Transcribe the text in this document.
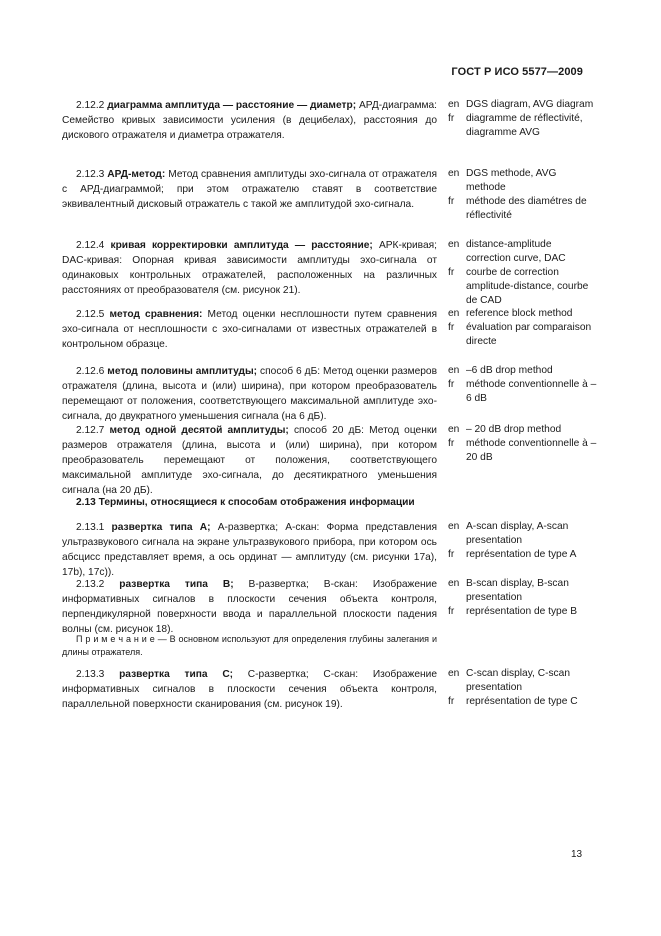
ГОСТ Р ИСО 5577—2009
2.12.2 диаграмма амплитуда — расстояние — диаметр; АРД-диаграмма: Семейство кривых зависимости усиления (в децибелах), расстояния до дискового отражателя и диаметра отражателя.
en DGS diagram, AVG diagram
fr diagramme de réflectivité, diagramme AVG
2.12.3 АРД-метод: Метод сравнения амплитуды эхо-сигнала от отражателя с АРД-диаграммой; при этом отражателю ставят в соответствие эквивалентный дисковый отражатель с такой же амплитудой эхо-сигнала.
en DGS methode, AVG methode
fr méthode des diamétres de réflectivité
2.12.4 кривая корректировки амплитуда — расстояние; АРК-кривая; DAC-кривая: Опорная кривая зависимости амплитуды эхо-сигнала от одинаковых контрольных отражателей, расположенных на различных расстояниях от преобразователя (см. рисунок 21).
en distance-amplitude correction curve, DAC
fr courbe de correction amplitude-distance, courbe de CAD
2.12.5 метод сравнения: Метод оценки несплошности путем сравнения эхо-сигнала от несплошности с эхо-сигналами от известных отражателей в контрольном образце.
en reference block method
fr évaluation par comparaison directe
2.12.6 метод половины амплитуды; способ 6 дБ: Метод оценки размеров отражателя (длина, высота и (или) ширина), при котором преобразователь перемещают от положения, соответствующего максимальной амплитуде эхо-сигнала, до двукратного уменьшения сигнала (на 6 дБ).
en –6 dB drop method
fr méthode conventionnelle à –6 dB
2.12.7 метод одной десятой амплитуды; способ 20 дБ: Метод оценки размеров отражателя (длина, высота и (или) ширина), при котором преобразователь перемещают от положения, соответствующего максимальной амплитуде эхо-сигнала, до десятикратного уменьшения сигнала (на 20 дБ).
en – 20 dB drop method
fr méthode conventionnelle à – 20 dB
2.13 Термины, относящиеся к способам отображения информации
2.13.1 развертка типа А; А-развертка; А-скан: Форма представления ультразвукового сигнала на экране ультразвукового прибора, при котором ось абсцисс представляет время, а ось ординат — амплитуду (см. рисунки 17a), 17b), 17c)).
en A-scan display, A-scan presentation
fr représentation de type A
2.13.2 развертка типа В; В-развертка; В-скан: Изображение информативных сигналов в плоскости сечения объекта контроля, перпендикулярной поверхности ввода и параллельной плоскости падения волны (см. рисунок 18).
en B-scan display, B-scan presentation
fr représentation de type B
П р и м е ч а н и е — В основном используют для определения глубины залегания и длины отражателя.
2.13.3 развертка типа С; С-развертка; С-скан: Изображение информативных сигналов в плоскости сечения объекта контроля, параллельной поверхности сканирования (см. рисунок 19).
en C-scan display, C-scan presentation
fr représentation de type C
13
